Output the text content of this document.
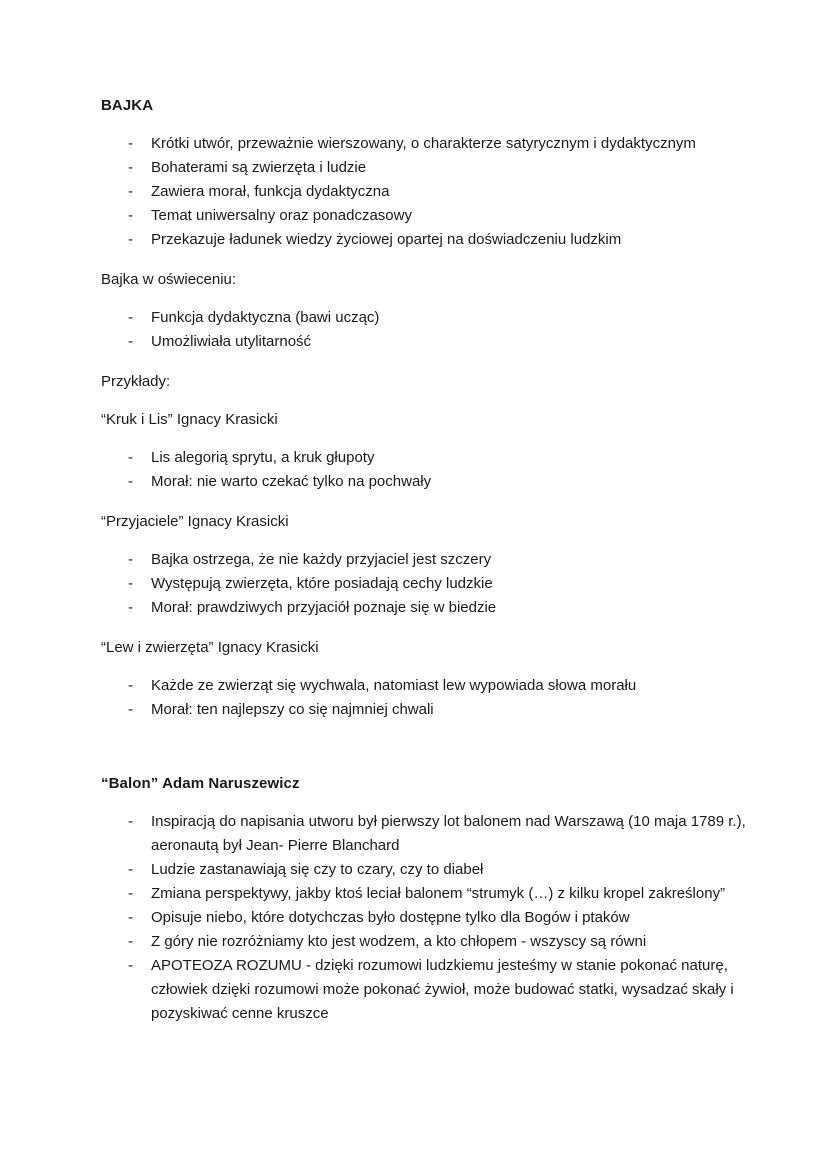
BAJKA
- Krótki utwór, przeważnie wierszowany, o charakterze satyrycznym i dydaktycznym
- Bohaterami są zwierzęta i ludzie
- Zawiera morał, funkcja dydaktyczna
- Temat uniwersalny oraz ponadczasowy
- Przekazuje ładunek wiedzy życiowej opartej na doświadczeniu ludzkim
Bajka w oświeceniu:
- Funkcja dydaktyczna (bawi ucząc)
- Umożliwiała utylitarność
Przykłady:
“Kruk i Lis” Ignacy Krasicki
- Lis alegorią sprytu, a kruk głupoty
- Morał: nie warto czekać tylko na pochwały
“Przyjaciele” Ignacy Krasicki
- Bajka ostrzega, że nie każdy przyjaciel jest szczery
- Występują zwierzęta, które posiadają cechy ludzkie
- Morał: prawdziwych przyjaciół poznaje się w biedzie
“Lew i zwierzęta” Ignacy Krasicki
- Każde ze zwierząt się wychwala, natomiast lew wypowiada słowa morału
- Morał: ten najlepszy co się najmniej chwali
“Balon” Adam Naruszewicz
- Inspiracją do napisania utworu był pierwszy lot balonem nad Warszawą (10 maja 1789 r.), aeronautą był Jean- Pierre Blanchard
- Ludzie zastanawiają się czy to czary, czy to diabeł
- Zmiana perspektywy, jakby ktoś leciał balonem “strumyk (…) z kilku kropel zakreślony”
- Opisuje niebo, które dotychczas było dostępne tylko dla Bogów i ptaków
- Z góry nie rozróżniamy kto jest wodzem, a kto chłopem - wszyscy są równi
- APOTEOZA ROZUMU - dzięki rozumowi ludzkiemu jesteśmy w stanie pokonać naturę, człowiek dzięki rozumowi może pokonać żywioł, może budować statki, wysadzać skały i pozyskiwać cenne kruszce
